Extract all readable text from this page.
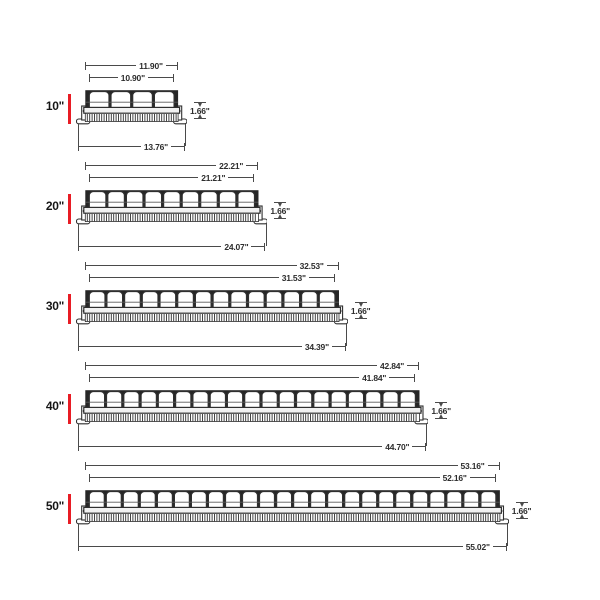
10"
11.90"
10.90"
1.66"
13.76"
20"
22.21"
21.21"
1.66"
24.07"
30"
32.53"
31.53"
1.66"
34.39"
40"
42.84"
41.84"
1.66"
44.70"
50"
53.16"
52.16"
1.66"
55.02"
